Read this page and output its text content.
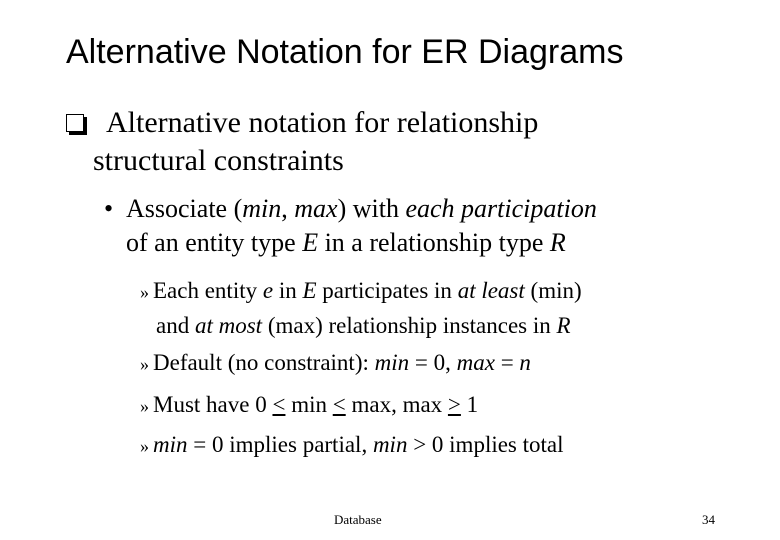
Alternative Notation for ER Diagrams
Alternative notation for relationship
structural constraints
• Associate (min, max) with each participation
of an entity type E in a relationship type R
» Each entity e in E participates in at least (min)
and at most (max) relationship instances in R
» Default (no constraint): min = 0, max = n
» Must have 0 < min < max, max > 1
» min = 0 implies partial, min > 0 implies total
Database	34
